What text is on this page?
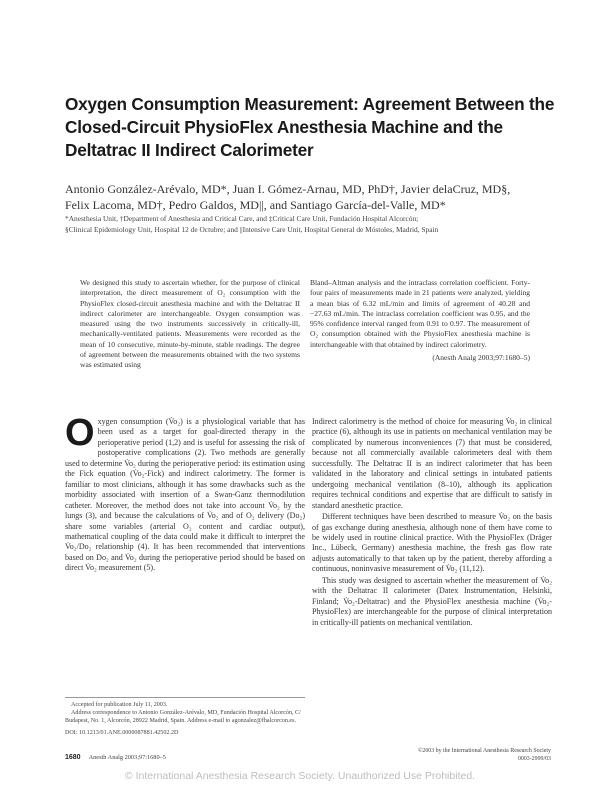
Oxygen Consumption Measurement: Agreement Between the
Closed-Circuit PhysioFlex Anesthesia Machine and the
Deltatrac II Indirect Calorimeter
Antonio González-Arévalo, MD*, Juan I. Gómez-Arnau, MD, PhD†, Javier delaCruz, MD§,
Felix Lacoma, MD†, Pedro Galdos, MD||, and Santiago García-del-Valle, MD*
*Anesthesia Unit, †Department of Anesthesia and Critical Care, and ‡Critical Care Unit, Fundación Hospital Alcorcón;
§Clinical Epidemiology Unit, Hospital 12 de Octubre; and ||Intensive Care Unit, Hospital General de Móstoles, Madrid, Spain
We designed this study to ascertain whether, for the purpose of clinical interpretation, the direct measurement of O₂ consumption with the PhysioFlex closed-circuit anesthesia machine and with the Deltatrac II indirect calorimeter are interchangeable. Oxygen consumption was measured using the two instruments successively in critically-ill, mechanically-ventilated patients. Measurements were recorded as the mean of 10 consecutive, minute-by-minute, stable readings. The degree of agreement between the measurements obtained with the two systems was estimated using
Bland–Altman analysis and the intraclass correlation coefficient. Forty-four pairs of measurements made in 21 patients were analyzed, yielding a mean bias of 6.32 mL/min and limits of agreement of 40.28 and −27.63 mL/min. The intraclass correlation coefficient was 0.95, and the 95% confidence interval ranged from 0.91 to 0.97. The measurement of O₂ consumption obtained with the PhysioFlex anesthesia machine is interchangeable with that obtained by indirect calorimetry.
(Anesth Analg 2003;97:1680–5)

Oxygen consumption (V̇o₂) is a physiological variable that has been used as a target for goal-directed therapy in the perioperative period (1,2) and is useful for assessing the risk of postoperative complications (2). Two methods are generally used to determine V̇o₂ during the perioperative period: its estimation using the Fick equation (V̇o₂-Fick) and indirect calorimetry. The former is familiar to most clinicians, although it has some drawbacks such as the morbidity associated with insertion of a Swan-Ganz thermodilution catheter. Moreover, the method does not take into account V̇o₂ by the lungs (3), and because the calculations of V̇o₂ and of O₂ delivery (Do₂) share some variables (arterial O₂ content and cardiac output), mathematical coupling of the data could make it difficult to interpret the V̇o₂/Do₂ relationship (4). It has been recommended that interventions based on Do₂ and V̇o₂ during the perioperative period should be based on direct V̇o₂ measurement (5).

Indirect calorimetry is the method of choice for measuring V̇o₂ in clinical practice (6), although its use in patients on mechanical ventilation may be complicated by numerous inconveniences (7) that must be considered, because not all commercially available calorimeters deal with them successfully. The Deltatrac II is an indirect calorimeter that has been validated in the laboratory and clinical settings in intubated patients undergoing mechanical ventilation (8–10), although its application requires technical conditions and expertise that are difficult to satisfy in standard anesthetic practice.

Different techniques have been described to measure V̇o₂ on the basis of gas exchange during anesthesia, although none of them have come to be widely used in routine clinical practice. With the PhysioFlex (Dräger Inc., Lübeck, Germany) anesthesia machine, the fresh gas flow rate adjusts automatically to that taken up by the patient, thereby affording a continuous, noninvasive measurement of V̇o₂ (11,12).

This study was designed to ascertain whether the measurement of V̇o₂ with the Deltatrac II calorimeter (Datex Instrumentation, Helsinki, Finland; V̇o₂-Deltatrac) and the PhysioFlex anesthesia machine (V̇o₂-PhysioFlex) are interchangeable for the purpose of clinical interpretation in critically-ill patients on mechanical ventilation.

Accepted for publication July 11, 2003.
Address correspondence to Antonio González-Arévalo, MD, Fundación Hospital Alcorcón, C/ Budapest, No. 1, Alcorcón, 28922 Madrid, Spain. Address e-mail to agonzalez@fhalcorcon.es.
DOI: 10.1213/01.ANE.0000087881.42502.2D
1680 Anesth Analg 2003;97:1680–5
©2003 by the International Anesthesia Research Society
0003-2999/03
© International Anesthesia Research Society. Unauthorized Use Prohibited.
